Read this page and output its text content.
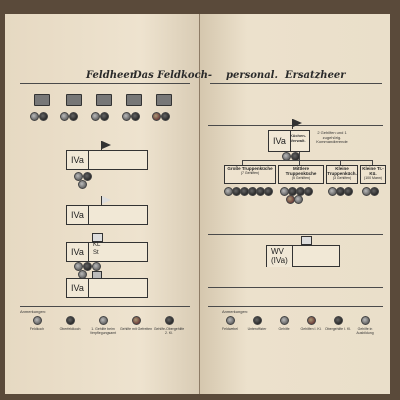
Feldheer
Das Feldkoch- personal. Ersatzheer
IVa
IVa
IVa
KL
St
IVa
Anmerkungen:

Feldkoch	Oberfeldkoch	1. Gehilfe beim Verpflegungsamt

Gehilfe mit Gefreiten Gehilfe-Obergehilfe 2. Kl.
IVa
Küchen-Verwalt.
2 Gehilfen und 1 zugehörig. Kommandierende
Große Truppenküche
(7 Gehilfen)
Mittlere Truppenküche
(5 Gehilfen)
Kleine Truppenküch.
(3 Gehilfen)
Kleine Tr.-Kü.
(100 Mann)
WV
(IVa)
Anmerkungen:

Feldwebel	Unteroffizier	Gehilfe	Gehilfen I. Kl. Obergehilfe I. Kl.	Gehilfe in Ausbildung
